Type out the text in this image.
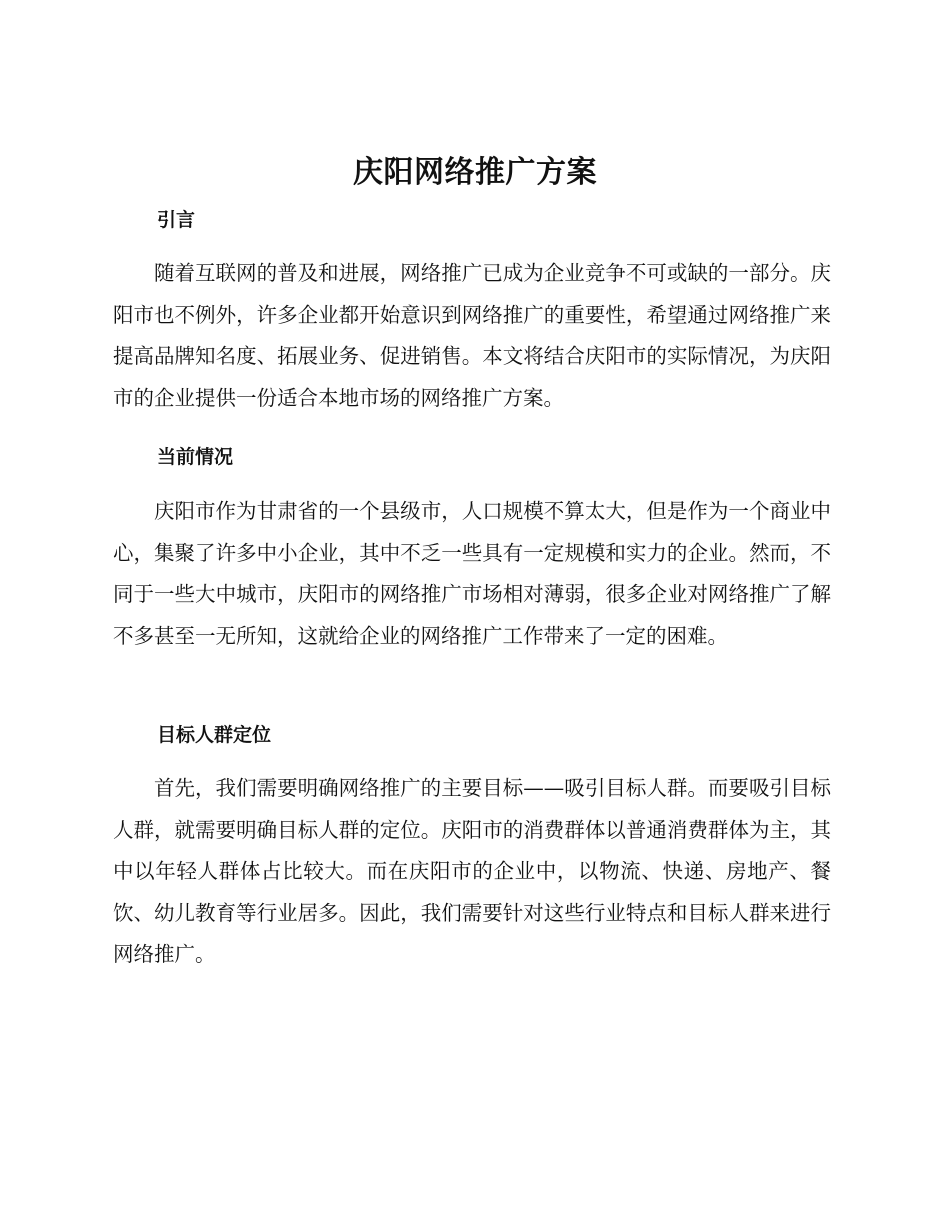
庆阳网络推广方案
引言

随着互联网的普及和进展，网络推广已成为企业竞争不可或缺的一部分。庆阳市也不例外，许多企业都开始意识到网络推广的重要性，希望通过网络推广来提高品牌知名度、拓展业务、促进销售。本文将结合庆阳市的实际情况，为庆阳市的企业提供一份适合本地市场的网络推广方案。

当前情况

庆阳市作为甘肃省的一个县级市，人口规模不算太大，但是作为一个商业中心，集聚了许多中小企业，其中不乏一些具有一定规模和实力的企业。然而，不同于一些大中城市，庆阳市的网络推广市场相对薄弱，很多企业对网络推广了解不多甚至一无所知，这就给企业的网络推广工作带来了一定的困难。

目标人群定位

首先，我们需要明确网络推广的主要目标——吸引目标人群。而要吸引目标人群，就需要明确目标人群的定位。庆阳市的消费群体以普通消费群体为主，其中以年轻人群体占比较大。而在庆阳市的企业中，以物流、快递、房地产、餐饮、幼儿教育等行业居多。因此，我们需要针对这些行业特点和目标人群来进行网络推广。
